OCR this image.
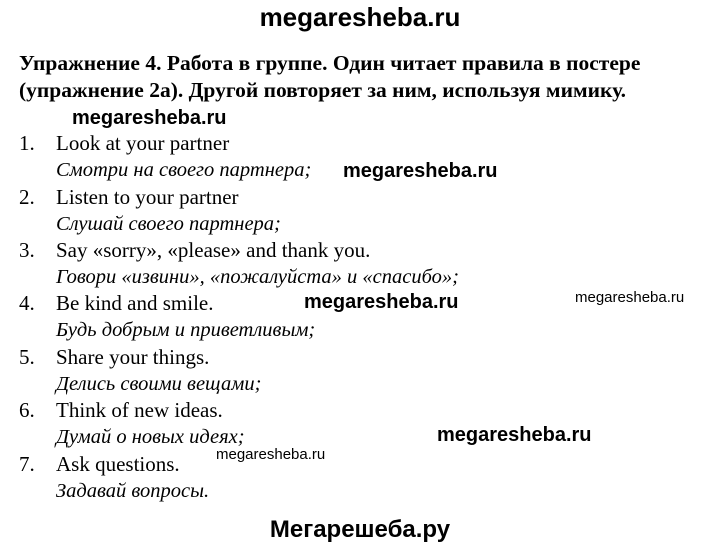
megaresheba.ru
Упражнение 4. Работа в группе. Один читает правила в постере
(упражнение 2а). Другой повторяет за ним, используя мимику.
1. Look at your partner
Смотри на своего партнера;
2. Listen to your partner
Слушай своего партнера;
3. Say «sorry», «please» and thank you.
Говори «извини», «пожалуйста» и «спасибо»;
4. Be kind and smile.
Будь добрым и приветливым;
5. Share your things.
Делись своими вещами;
6. Think of new ideas.
Думай о новых идеях;
7. Ask questions.
Задавай вопросы.
megaresheba.ru
megaresheba.ru
megaresheba.ru	megaresheba.ru
megaresheba.ru
megaresheba.ru
Мегарешеба.ру
